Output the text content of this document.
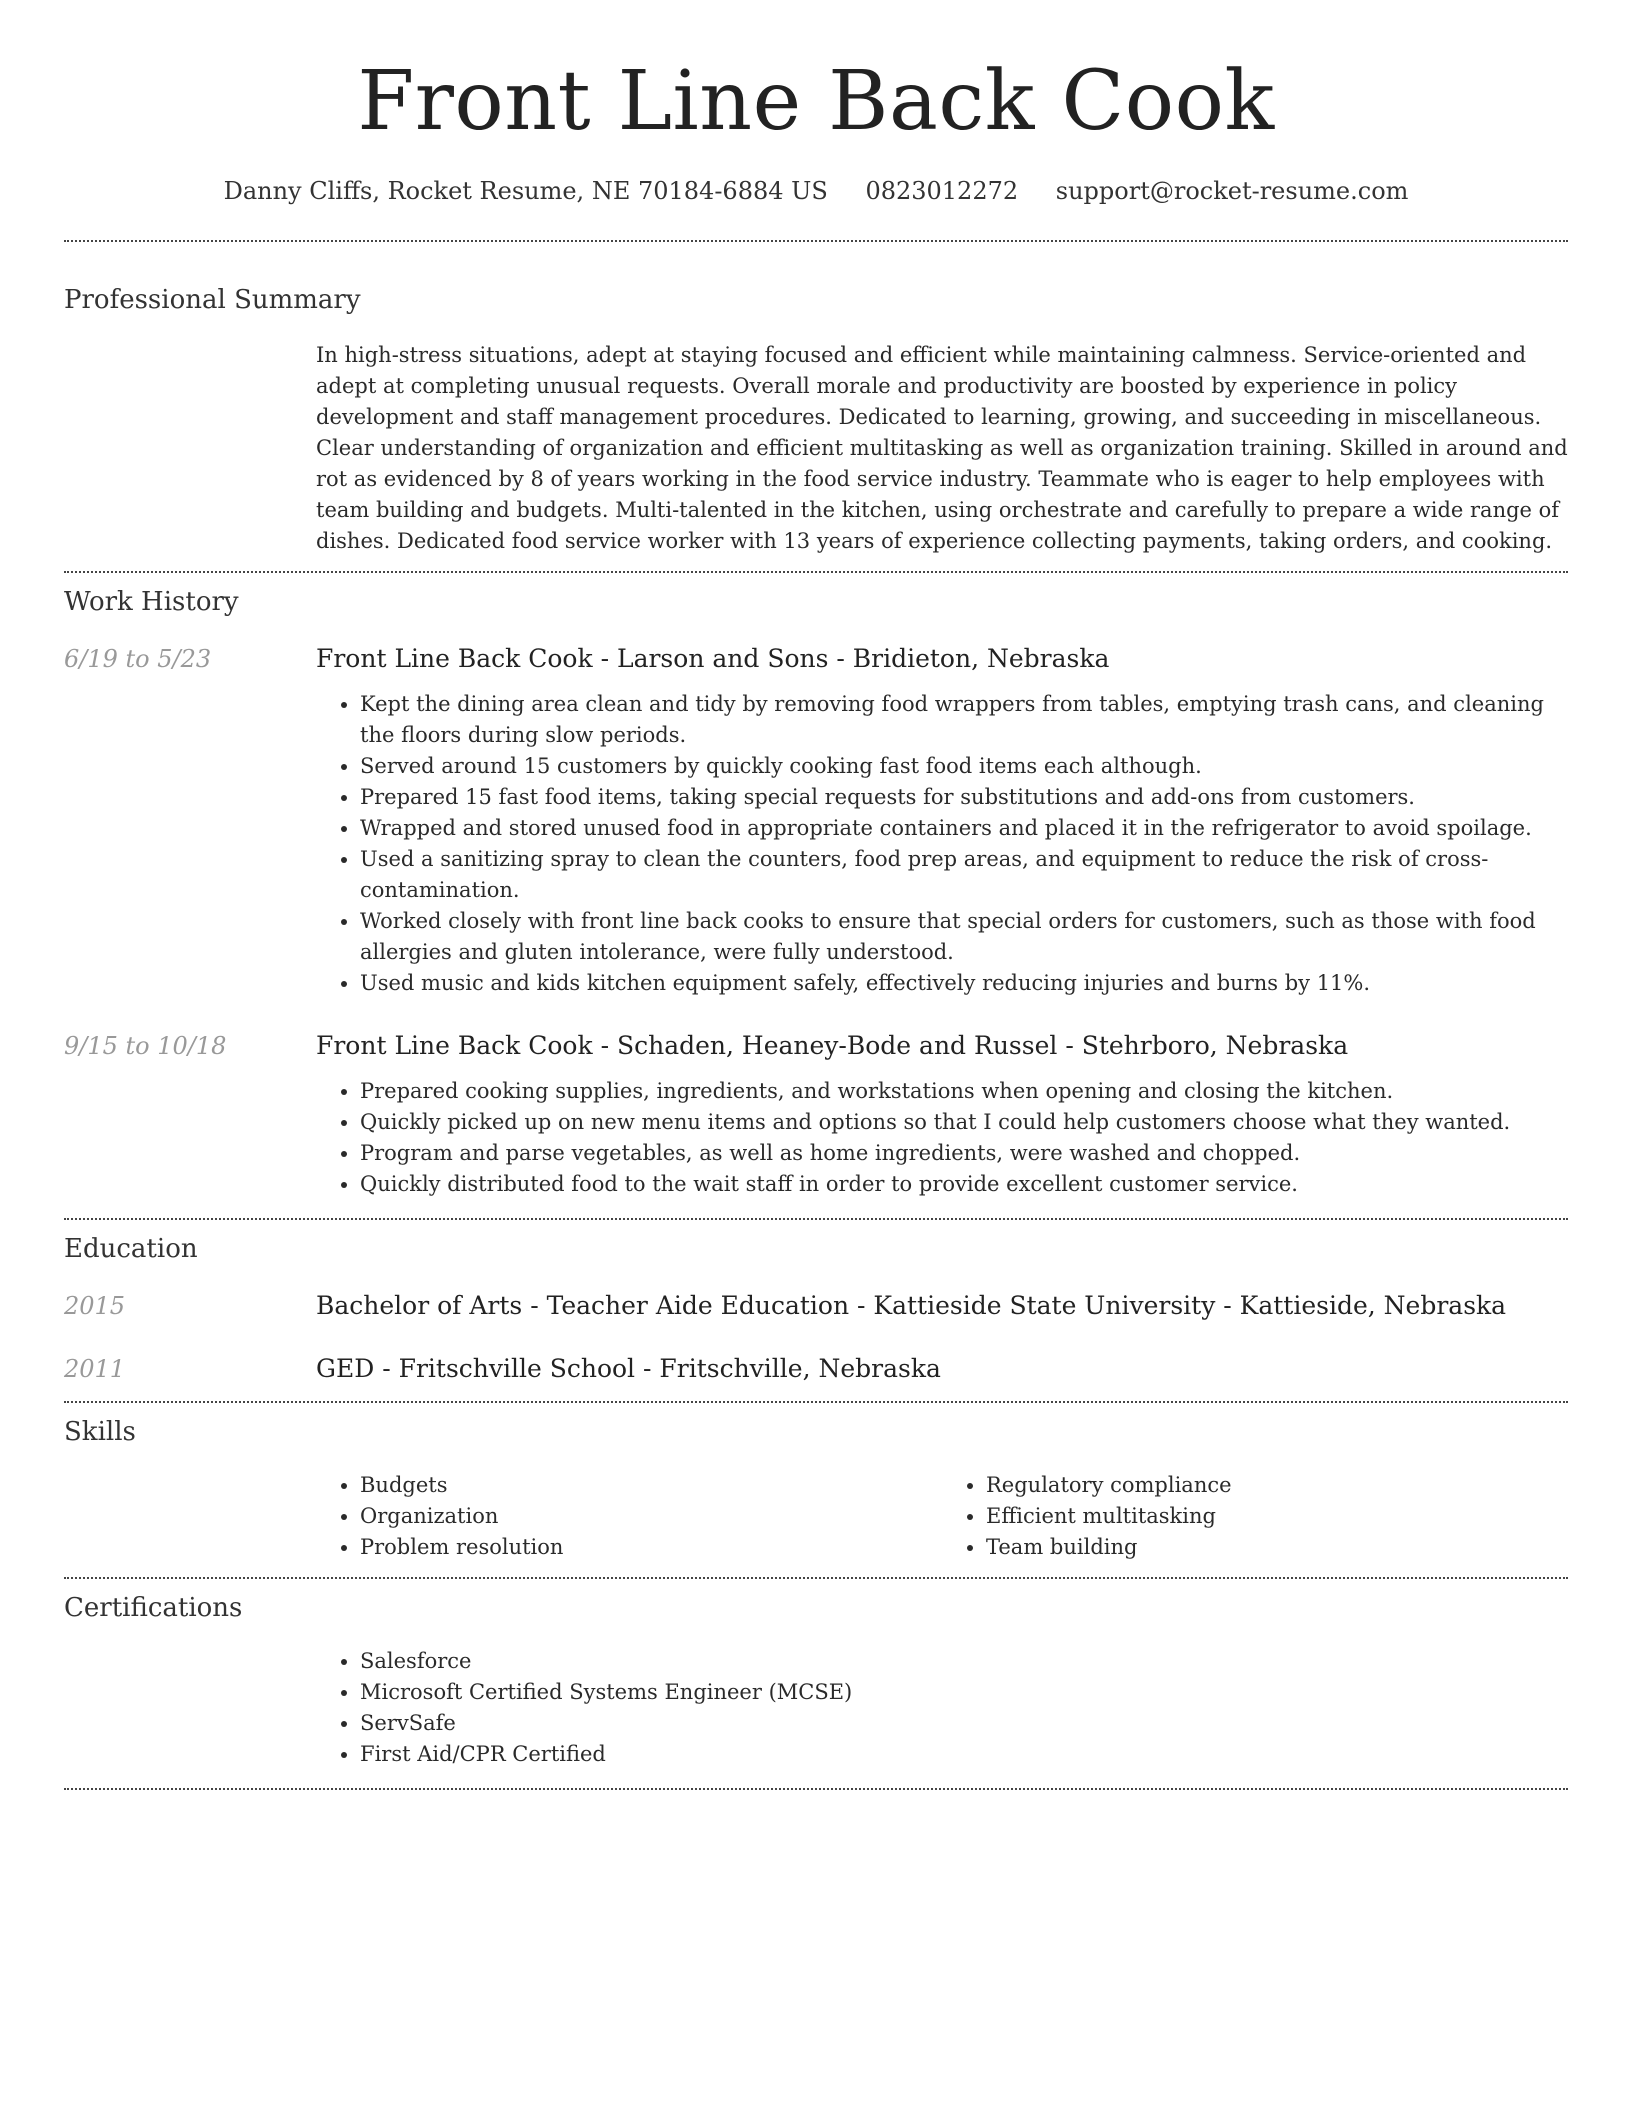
Front Line Back Cook
Danny Cliffs, Rocket Resume, NE 70184-6884 US 0823012272 support@rocket-resume.com
Professional Summary

In high-stress situations, adept at staying focused and efficient while maintaining calmness. Service-oriented and adept at completing unusual requests. Overall morale and productivity are boosted by experience in policy development and staff management procedures. Dedicated to learning, growing, and succeeding in miscellaneous. Clear understanding of organization and efficient multitasking as well as organization training. Skilled in around and rot as evidenced by 8 of years working in the food service industry. Teammate who is eager to help employees with team building and budgets. Multi-talented in the kitchen, using orchestrate and carefully to prepare a wide range of dishes. Dedicated food service worker with 13 years of experience collecting payments, taking orders, and cooking.

Work History
6/19 to 5/23	Front Line Back Cook - Larson and Sons - Bridieton, Nebraska
• Kept the dining area clean and tidy by removing food wrappers from tables, emptying trash cans, and cleaning the floors during slow periods.
• Served around 15 customers by quickly cooking fast food items each although.
• Prepared 15 fast food items, taking special requests for substitutions and add-ons from customers.
• Wrapped and stored unused food in appropriate containers and placed it in the refrigerator to avoid spoilage.
• Used a sanitizing spray to clean the counters, food prep areas, and equipment to reduce the risk of cross-contamination.
• Worked closely with front line back cooks to ensure that special orders for customers, such as those with food allergies and gluten intolerance, were fully understood.
• Used music and kids kitchen equipment safely, effectively reducing injuries and burns by 11%.
9/15 to 10/18	Front Line Back Cook - Schaden, Heaney-Bode and Russel - Stehrboro, Nebraska
• Prepared cooking supplies, ingredients, and workstations when opening and closing the kitchen.
• Quickly picked up on new menu items and options so that I could help customers choose what they wanted.
• Program and parse vegetables, as well as home ingredients, were washed and chopped.
• Quickly distributed food to the wait staff in order to provide excellent customer service.
Education
2015	Bachelor of Arts - Teacher Aide Education - Kattieside State University - Kattieside, Nebraska
2011	GED - Fritschville School - Fritschville, Nebraska
Skills
• Budgets
• Organization
• Problem resolution
• Regulatory compliance
• Efficient multitasking
• Team building
Certifications
• Salesforce
• Microsoft Certified Systems Engineer (MCSE)
• ServSafe
• First Aid/CPR Certified
